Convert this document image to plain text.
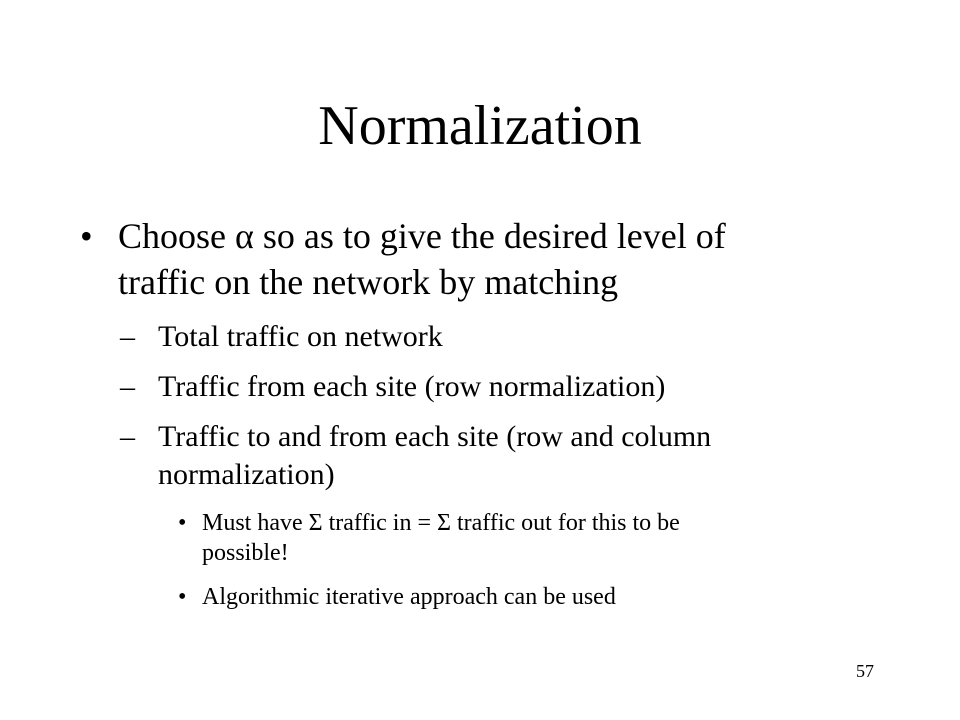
Normalization
• Choose α so as to give the desired level of
traffic on the network by matching
– Total traffic on network
– Traffic from each site (row normalization)
– Traffic to and from each site (row and column
normalization)
• Must have Σ traffic in = Σ traffic out for this to be
possible!
• Algorithmic iterative approach can be used
57
